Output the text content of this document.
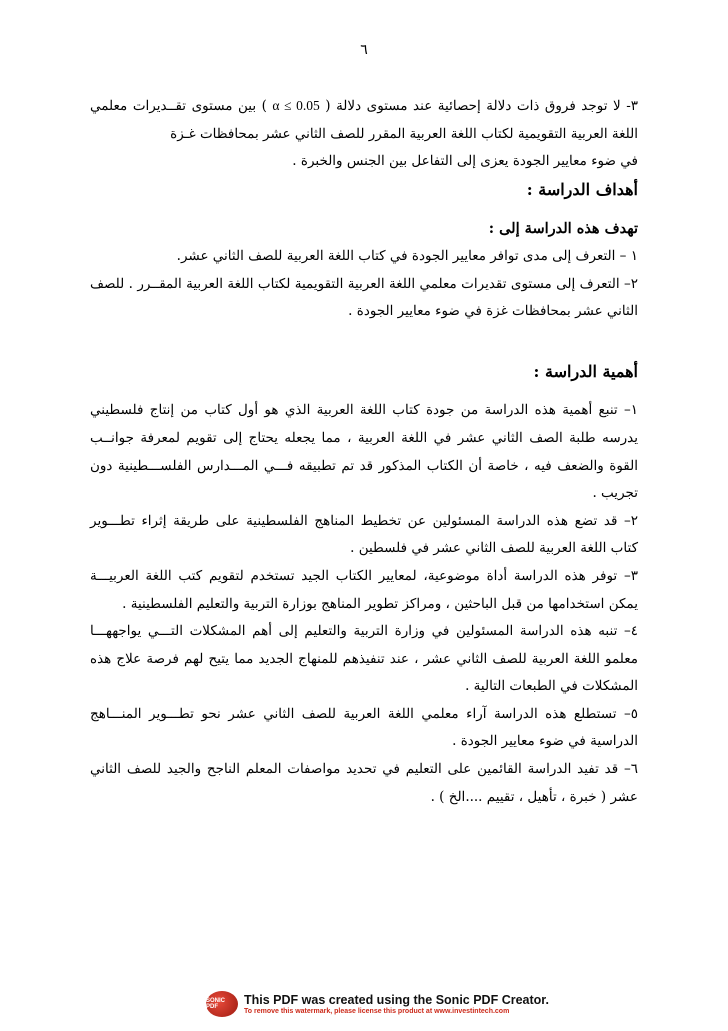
٦

٣- لا توجد فروق ذات دلالة إحصائية عند مستوى دلالة ( α ≤ 0.05 ) بين مستوى تقــديرات معلمي اللغة العربية التقويمية لكتاب اللغة العربية المقرر للصف الثاني عشر بمحافظات غـزة

في ضوء معايير الجودة يعزى إلى التفاعل بين الجنس والخبرة .

أهداف الدراسة :

تهدف هذه الدراسة إلى :

١ – التعرف إلى مدى توافر معايير الجودة في كتاب اللغة العربية للصف الثاني عشر.

٢– التعرف إلى مستوى تقديرات معلمي اللغة العربية التقويمية لكتاب اللغة العربية المقــرر . للصف الثاني عشر بمحافظات غزة في ضوء معايير الجودة .

أهمية الدراسة :

١– تنبع أهمية هذه الدراسة من جودة كتاب اللغة العربية الذي هو أول كتاب من إنتاج فلسطيني يدرسه طلبة الصف الثاني عشر في اللغة العربية ، مما يجعله يحتاج إلى تقويم لمعرفة جوانــب القوة والضعف فيه ، خاصة أن الكتاب المذكور قد تم تطبيقه فـــي المـــدارس الفلســـطينية دون تجريب .

٢– قد تضع هذه الدراسة المسئولين عن تخطيط المناهج الفلسطينية على طريقة إثراء تطـــوير كتاب اللغة العربية للصف الثاني عشر في فلسطين .

٣– توفر هذه الدراسة أداة موضوعية، لمعايير الكتاب الجيد تستخدم لتقويم كتب اللغة العربيـــة يمكن استخدامها من قبل الباحثين ، ومراكز تطوير المناهج بوزارة التربية والتعليم الفلسطينية .

٤– تنبه هذه الدراسة المسئولين في وزارة التربية والتعليم إلى أهم المشكلات التـــي يواجههـــا معلمو اللغة العربية للصف الثاني عشر ، عند تنفيذهم للمنهاج الجديد مما يتيح لهم فرصة علاج هذه المشكلات في الطبعات التالية .

٥– تستطلع هذه الدراسة آراء معلمي اللغة العربية للصف الثاني عشر نحو تطـــوير المنـــاهج الدراسية في ضوء معايير الجودة .

٦– قد تفيد الدراسة القائمين على التعليم في تحديد مواصفات المعلم الناجح والجيد للصف الثاني عشر ( خبرة ، تأهيل ، تقييم ....الخ ) .

SONIC PDF
This PDF was created using the Sonic PDF Creator.
To remove this watermark, please license this product at www.investintech.com
